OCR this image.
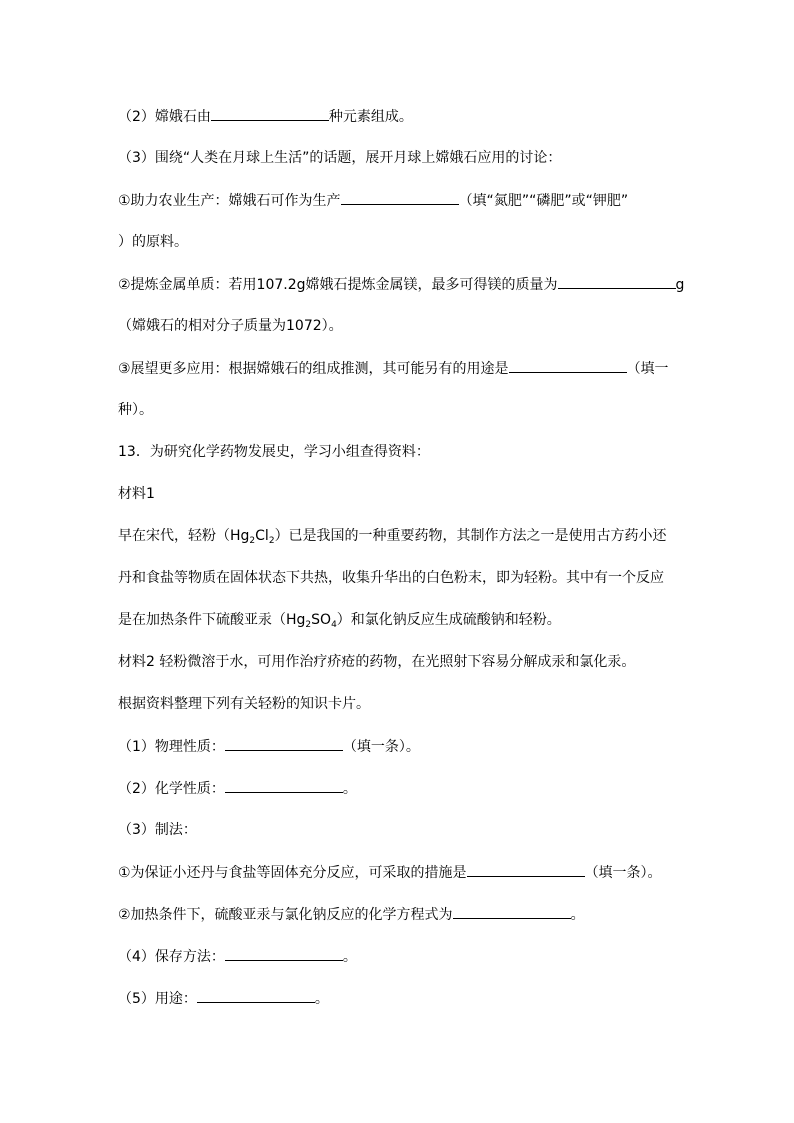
（2）嫦娥石由	种元素组成。
（3）围绕“人类在月球上生活”的话题，展开月球上嫦娥石应用的讨论：
①助力农业生产：嫦娥石可作为生产	（填“氮肥”“磷肥”或“钾肥”
）的原料。
②提炼金属单质：若用107.2g嫦娥石提炼金属镁，最多可得镁的质量为	g
（嫦娥石的相对分子质量为1072）。
③展望更多应用：根据嫦娥石的组成推测，其可能另有的用途是	（填一
种）。
13．为研究化学药物发展史，学习小组查得资料：
材料1
早在宋代，轻粉$(Hg_2Cl_2)$已是我国的一种重要药物，其制作方法之一是使用古方药小还
丹和食盐等物质在固体状态下共热，收集升华出的白色粉末，即为轻粉。其中有一个反应
是在加热条件下硫酸亚汞$(Hg_2SO_4)$和氯化钠反应生成硫酸钠和轻粉。
材料2 轻粉微溶于水，可用作治疗疥疮的药物，在光照射下容易分解成汞和氯化汞。
根据资料整理下列有关轻粉的知识卡片。
（1）物理性质：	（填一条）。
（2）化学性质：	。
（3）制法：
①为保证小还丹与食盐等固体充分反应，可采取的措施是	（填一条）。
②加热条件下，硫酸亚汞与氯化钠反应的化学方程式为	。
（4）保存方法：	。
（5）用途：	。
